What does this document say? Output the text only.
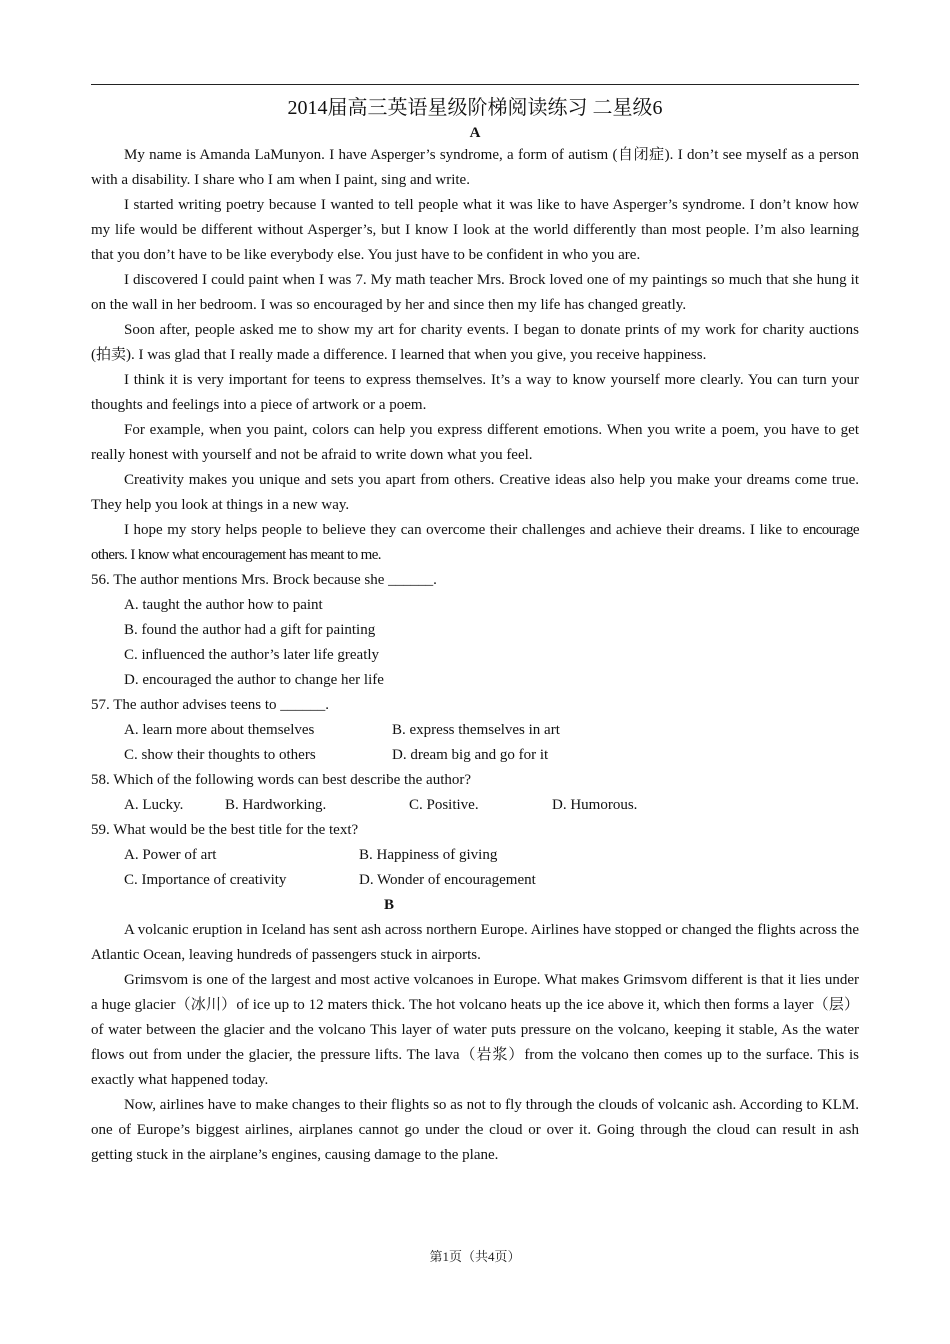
2014届高三英语星级阶梯阅读练习 二星级6
A

My name is Amanda LaMunyon. I have Asperger’s syndrome, a form of autism (自闭症). I don’t see myself as a person with a disability. I share who I am when I paint, sing and write.

I started writing poetry because I wanted to tell people what it was like to have Asperger’s syndrome. I don’t know how my life would be different without Asperger’s, but I know I look at the world differently than most people. I’m also learning that you don’t have to be like everybody else. You just have to be confident in who you are.

I discovered I could paint when I was 7. My math teacher Mrs. Brock loved one of my paintings so much that she hung it on the wall in her bedroom. I was so encouraged by her and since then my life has changed greatly.

Soon after, people asked me to show my art for charity events. I began to donate prints of my work for charity auctions (拍卖). I was glad that I really made a difference. I learned that when you give, you receive happiness.

I think it is very important for teens to express themselves. It’s a way to know yourself more clearly. You can turn your thoughts and feelings into a piece of artwork or a poem.

For example, when you paint, colors can help you express different emotions. When you write a poem, you have to get really honest with yourself and not be afraid to write down what you feel.

Creativity makes you unique and sets you apart from others. Creative ideas also help you make your dreams come true. They help you look at things in a new way.

I hope my story helps people to believe they can overcome their challenges and achieve their dreams. I like to encourage others. I know what encouragement has meant to me.

56. The author mentions Mrs. Brock because she ______.
A. taught the author how to paint
B. found the author had a gift for painting
C. influenced the author’s later life greatly
D. encouraged the author to change her life
57. The author advises teens to ______.
A. learn more about themselves	B. express themselves in art
C. show their thoughts to others	D. dream big and go for it
58. Which of the following words can best describe the author?
A. Lucky.	B. Hardworking.	C. Positive.	D. Humorous.
59. What would be the best title for the text?
A. Power of art	B. Happiness of giving
C. Importance of creativity	D. Wonder of encouragement
B

A volcanic eruption in Iceland has sent ash across northern Europe. Airlines have stopped or changed the flights across the Atlantic Ocean, leaving hundreds of passengers stuck in airports.

Grimsvom is one of the largest and most active volcanoes in Europe. What makes Grimsvom different is that it lies under a huge glacier（冰川）of ice up to 12 maters thick. The hot volcano heats up the ice above it, which then forms a layer（层）of water between the glacier and the volcano This layer of water puts pressure on the volcano, keeping it stable, As the water flows out from under the glacier, the pressure lifts. The lava（岩浆）from the volcano then comes up to the surface. This is exactly what happened today.

Now, airlines have to make changes to their flights so as not to fly through the clouds of volcanic ash. According to KLM. one of Europe’s biggest airlines, airplanes cannot go under the cloud or over it. Going through the cloud can result in ash getting stuck in the airplane’s engines, causing damage to the plane.

第1页（共4页）
